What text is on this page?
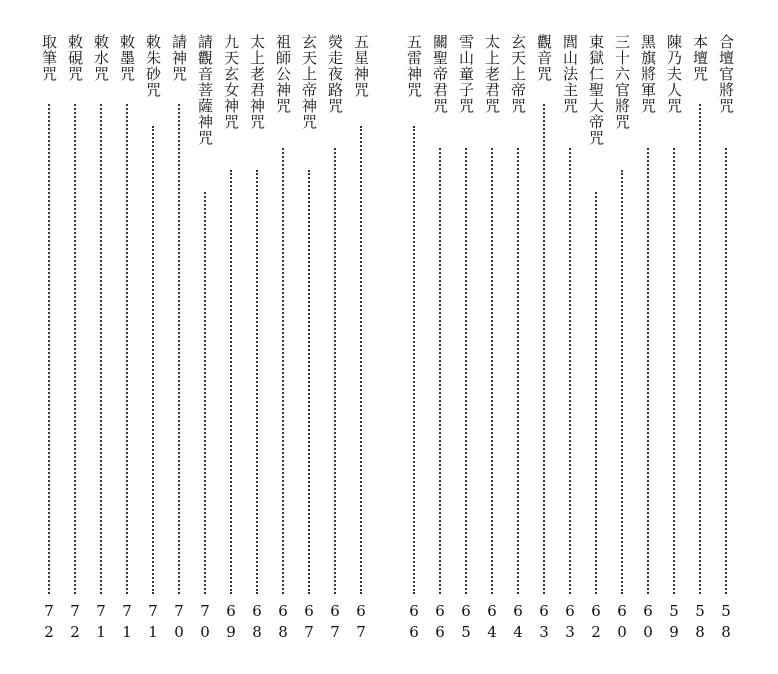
合壇官將咒
58
本壇咒
58
陳乃夫人咒
59
黑旗將軍咒
60
三十六官將咒
60
東獄仁聖大帝咒
62
閭山法主咒
63
觀音咒
63
玄天上帝咒
64
太上老君咒
64
雪山童子咒
65
關聖帝君咒
66
五雷神咒
66
五星神咒
67
熒走夜路咒
67
玄天上帝神咒
67
祖師公神咒
68
太上老君神咒
68
九天玄女神咒
69
請觀音菩薩神咒
70
請神咒
70
敕朱砂咒
71
敕墨咒
71
敕水咒
71
敕硯咒
72
取筆咒
72
